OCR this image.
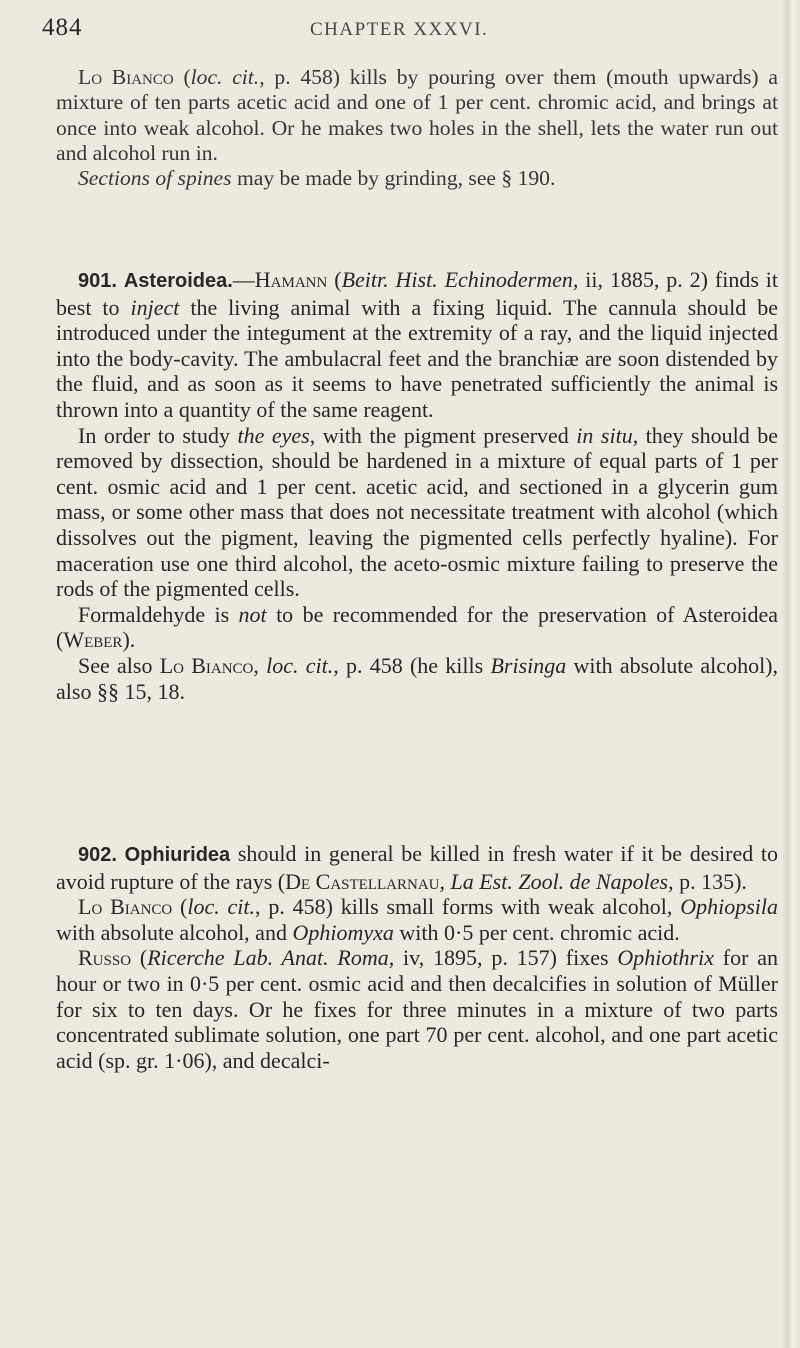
484	CHAPTER XXXVI.

Lo Bianco (loc. cit., p. 458) kills by pouring over them (mouth upwards) a mixture of ten parts acetic acid and one of 1 per cent. chromic acid, and brings at once into weak alcohol. Or he makes two holes in the shell, lets the water run out and alcohol run in.

Sections of spines may be made by grinding, see § 190.

901. Asteroidea.—Hamann (Beitr. Hist. Echinodermen, ii, 1885, p. 2) finds it best to inject the living animal with a fixing liquid. The cannula should be introduced under the integument at the extremity of a ray, and the liquid injected into the body-cavity. The ambulacral feet and the branchiæ are soon distended by the fluid, and as soon as it seems to have penetrated sufficiently the animal is thrown into a quantity of the same reagent.

In order to study the eyes, with the pigment preserved in situ, they should be removed by dissection, should be hardened in a mixture of equal parts of 1 per cent. osmic acid and 1 per cent. acetic acid, and sectioned in a glycerin gum mass, or some other mass that does not necessitate treatment with alcohol (which dissolves out the pigment, leaving the pigmented cells perfectly hyaline). For maceration use one third alcohol, the aceto-osmic mixture failing to preserve the rods of the pigmented cells.

Formaldehyde is not to be recommended for the preservation of Asteroidea (Weber).

See also Lo Bianco, loc. cit., p. 458 (he kills Brisinga with absolute alcohol), also §§ 15, 18.

902. Ophiuridea should in general be killed in fresh water if it be desired to avoid rupture of the rays (De Castellarnau, La Est. Zool. de Napoles, p. 135).

Lo Bianco (loc. cit., p. 458) kills small forms with weak alcohol, Ophiopsila with absolute alcohol, and Ophiomyxa with 0·5 per cent. chromic acid.

Russo (Ricerche Lab. Anat. Roma, iv, 1895, p. 157) fixes Ophiothrix for an hour or two in 0·5 per cent. osmic acid and then decalcifies in solution of Müller for six to ten days. Or he fixes for three minutes in a mixture of two parts concentrated sublimate solution, one part 70 per cent. alcohol, and one part acetic acid (sp. gr. 1·06), and decalci-
